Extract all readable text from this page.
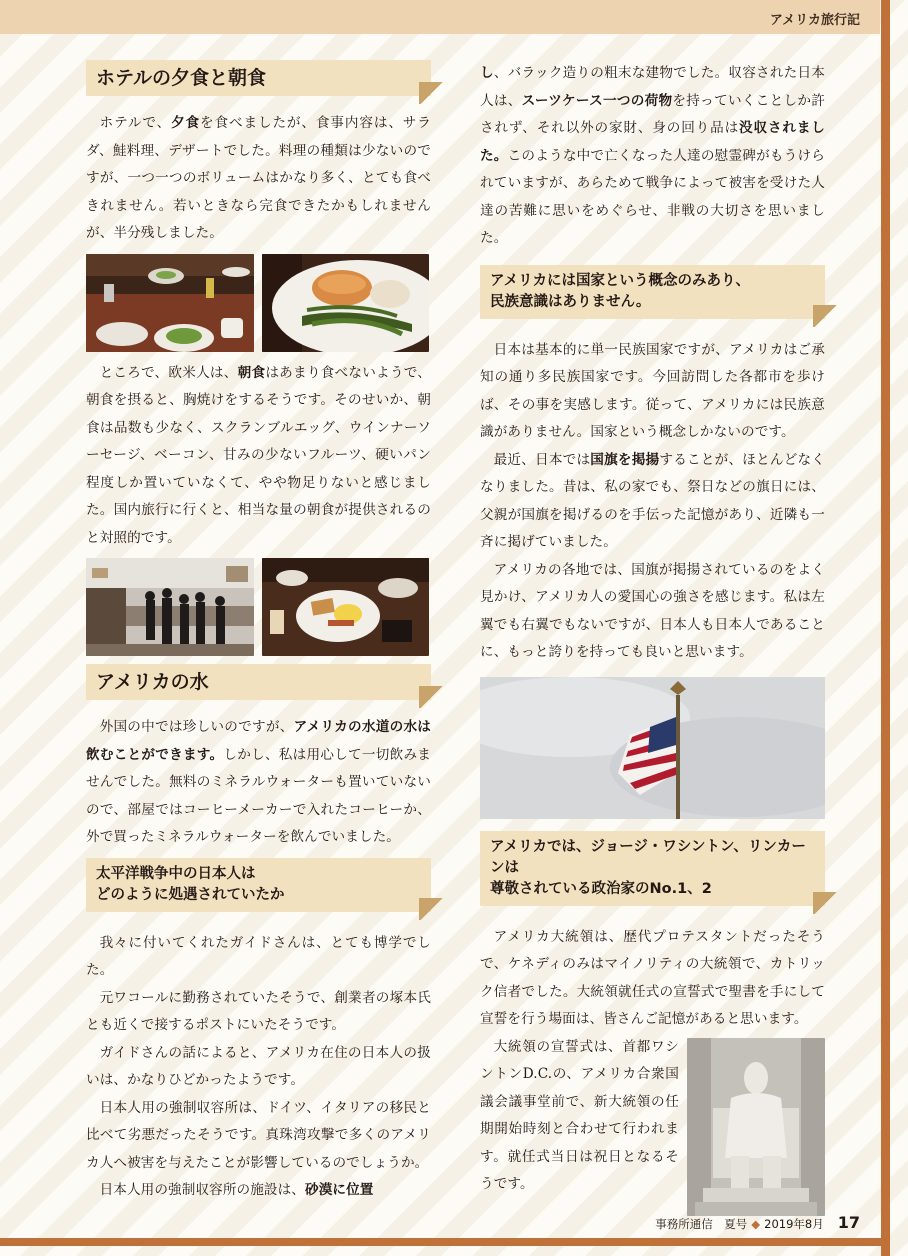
アメリカ旅行記
ホテルの夕食と朝食

ホテルで、夕食を食べましたが、食事内容は、サラダ、鮭料理、デザートでした。料理の種類は少ないのですが、一つ一つのボリュームはかなり多く、とても食べきれません。若いときなら完食できたかもしれませんが、半分残しました。

ところで、欧米人は、朝食はあまり食べないようで、朝食を摂ると、胸焼けをするそうです。そのせいか、朝食は品数も少なく、スクランブルエッグ、ウインナーソーセージ、ベーコン、甘みの少ないフルーツ、硬いパン程度しか置いていなくて、やや物足りないと感じました。国内旅行に行くと、相当な量の朝食が提供されるのと対照的です。

アメリカの水

外国の中では珍しいのですが、アメリカの水道の水は飲むことができます。しかし、私は用心して一切飲みませんでした。無料のミネラルウォーターも置いていないので、部屋ではコーヒーメーカーで入れたコーヒーか、外で買ったミネラルウォーターを飲んでいました。

太平洋戦争中の日本人は
どのように処遇されていたか

我々に付いてくれたガイドさんは、とても博学でした。

元ワコールに勤務されていたそうで、創業者の塚本氏とも近くで接するポストにいたそうです。

ガイドさんの話によると、アメリカ在住の日本人の扱いは、かなりひどかったようです。

日本人用の強制収容所は、ドイツ、イタリアの移民と比べて劣悪だったそうです。真珠湾攻撃で多くのアメリカ人へ被害を与えたことが影響しているのでしょうか。

日本人用の強制収容所の施設は、砂漠に位置

し、バラック造りの粗末な建物でした。収容された日本人は、スーツケース一つの荷物を持っていくことしか許されず、それ以外の家財、身の回り品は没収されました。このような中で亡くなった人達の慰霊碑がもうけられていますが、あらためて戦争によって被害を受けた人達の苦難に思いをめぐらせ、非戦の大切さを思いました。

アメリカには国家という概念のみあり、
民族意識はありません。

日本は基本的に単一民族国家ですが、アメリカはご承知の通り多民族国家です。今回訪問した各都市を歩けば、その事を実感します。従って、アメリカには民族意識がありません。国家という概念しかないのです。

最近、日本では国旗を掲揚することが、ほとんどなくなりました。昔は、私の家でも、祭日などの旗日には、父親が国旗を掲げるのを手伝った記憶があり、近隣も一斉に掲げていました。

アメリカの各地では、国旗が掲揚されているのをよく見かけ、アメリカ人の愛国心の強さを感じます。私は左翼でも右翼でもないですが、日本人も日本人であることに、もっと誇りを持っても良いと思います。

アメリカでは、ジョージ・ワシントン、リンカーンは
尊敬されている政治家のNo.1、2

アメリカ大統領は、歴代プロテスタントだったそうで、ケネディのみはマイノリティの大統領で、カトリック信者でした。大統領就任式の宣誓式で聖書を手にして宣誓を行う場面は、皆さんご記憶があると思います。

大統領の宣誓式は、首都ワシントンD.C.の、アメリカ合衆国議会議事堂前で、新大統領の任期開始時刻と合わせて行われます。就任式当日は祝日となるそうです。

事務所通信　夏号 ◆ 2019年8月 17
